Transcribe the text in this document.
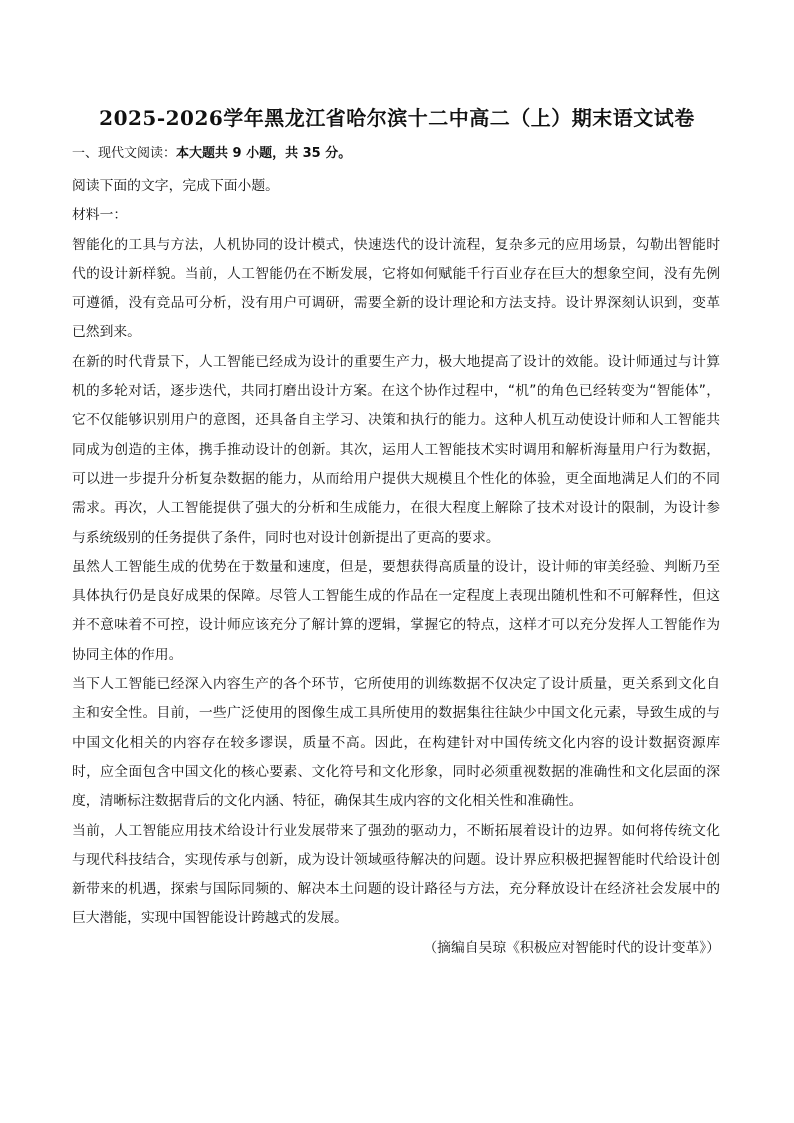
2025-2026学年黑龙江省哈尔滨十二中高二（上）期末语文试卷
一、现代文阅读：本大题共 9 小题，共 35 分。

阅读下面的文字，完成下面小题。

材料一：

智能化的工具与方法，人机协同的设计模式，快速迭代的设计流程，复杂多元的应用场景，勾勒出智能时代的设计新样貌。当前，人工智能仍在不断发展，它将如何赋能千行百业存在巨大的想象空间，没有先例可遵循，没有竞品可分析，没有用户可调研，需要全新的设计理论和方法支持。设计界深刻认识到，变革已然到来。

在新的时代背景下，人工智能已经成为设计的重要生产力，极大地提高了设计的效能。设计师通过与计算机的多轮对话，逐步迭代，共同打磨出设计方案。在这个协作过程中，“机”的角色已经转变为“智能体”，它不仅能够识别用户的意图，还具备自主学习、决策和执行的能力。这种人机互动使设计师和人工智能共同成为创造的主体，携手推动设计的创新。其次，运用人工智能技术实时调用和解析海量用户行为数据，可以进一步提升分析复杂数据的能力，从而给用户提供大规模且个性化的体验，更全面地满足人们的不同需求。再次，人工智能提供了强大的分析和生成能力，在很大程度上解除了技术对设计的限制，为设计参与系统级别的任务提供了条件，同时也对设计创新提出了更高的要求。

虽然人工智能生成的优势在于数量和速度，但是，要想获得高质量的设计，设计师的审美经验、判断乃至具体执行仍是良好成果的保障。尽管人工智能生成的作品在一定程度上表现出随机性和不可解释性，但这并不意味着不可控，设计师应该充分了解计算的逻辑，掌握它的特点，这样才可以充分发挥人工智能作为协同主体的作用。

当下人工智能已经深入内容生产的各个环节，它所使用的训练数据不仅决定了设计质量，更关系到文化自主和安全性。目前，一些广泛使用的图像生成工具所使用的数据集往往缺少中国文化元素，导致生成的与中国文化相关的内容存在较多谬误，质量不高。因此，在构建针对中国传统文化内容的设计数据资源库时，应全面包含中国文化的核心要素、文化符号和文化形象，同时必须重视数据的准确性和文化层面的深度，清晰标注数据背后的文化内涵、特征，确保其生成内容的文化相关性和准确性。

当前，人工智能应用技术给设计行业发展带来了强劲的驱动力，不断拓展着设计的边界。如何将传统文化与现代科技结合，实现传承与创新，成为设计领域亟待解决的问题。设计界应积极把握智能时代给设计创新带来的机遇，探索与国际同频的、解决本土问题的设计路径与方法，充分释放设计在经济社会发展中的巨大潜能，实现中国智能设计跨越式的发展。

（摘编自吴琼《积极应对智能时代的设计变革》）
